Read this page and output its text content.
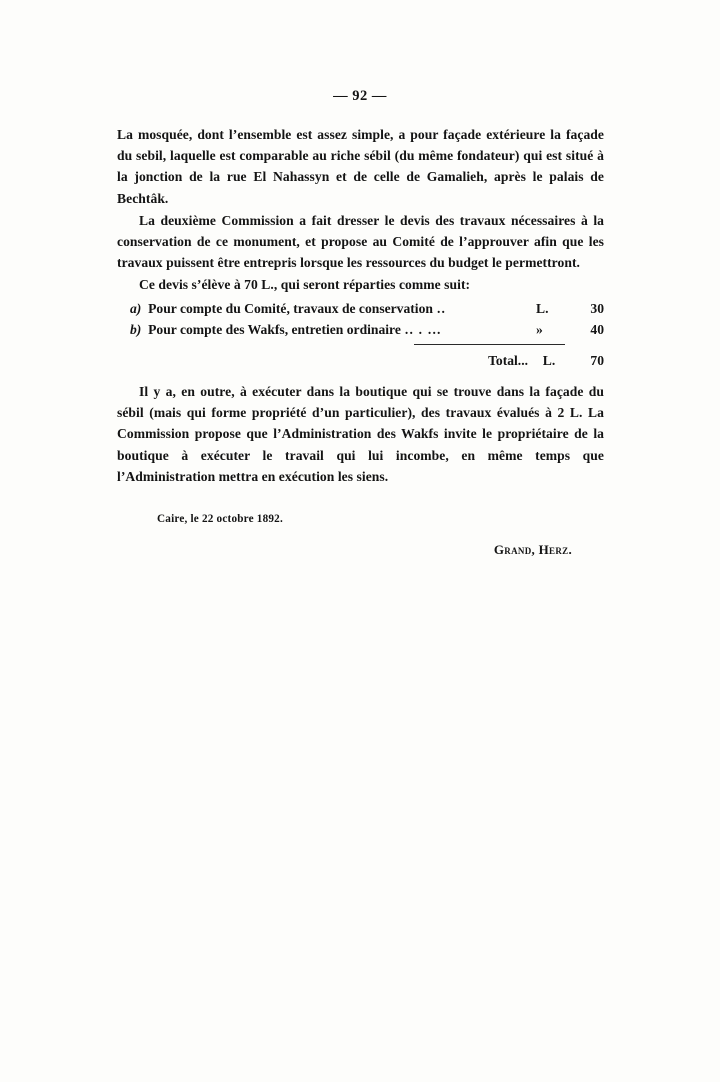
— 92 —

La mosquée, dont l’ensemble est assez simple, a pour façade extérieure la façade du sebil, laquelle est comparable au riche sébil (du même fondateur) qui est situé à la jonction de la rue El Nahassyn et de celle de Gamalieh, après le palais de Bechtâk.

La deuxième Commission a fait dresser le devis des travaux nécessaires à la conservation de ce monument, et propose au Comité de l’approuver afin que les travaux puissent être entrepris lorsque les ressources du budget le permettront.

Ce devis s’élève à 70 L., qui seront réparties comme suit:

a) Pour compte du Comité, travaux de conservation ..	L.	30
b) Pour compte des Wakfs, entretien ordinaire .. . ...	»	40
Total...	L.	70

Il y a, en outre, à exécuter dans la boutique qui se trouve dans la façade du sébil (mais qui forme propriété d’un particulier), des travaux évalués à 2 L. La Commission propose que l’Administration des Wakfs invite le propriétaire de la boutique à exécuter le travail qui lui incombe, en même temps que l’Administration mettra en exécution les siens.

Caire, le 22 octobre 1892.
Grand, Herz.
